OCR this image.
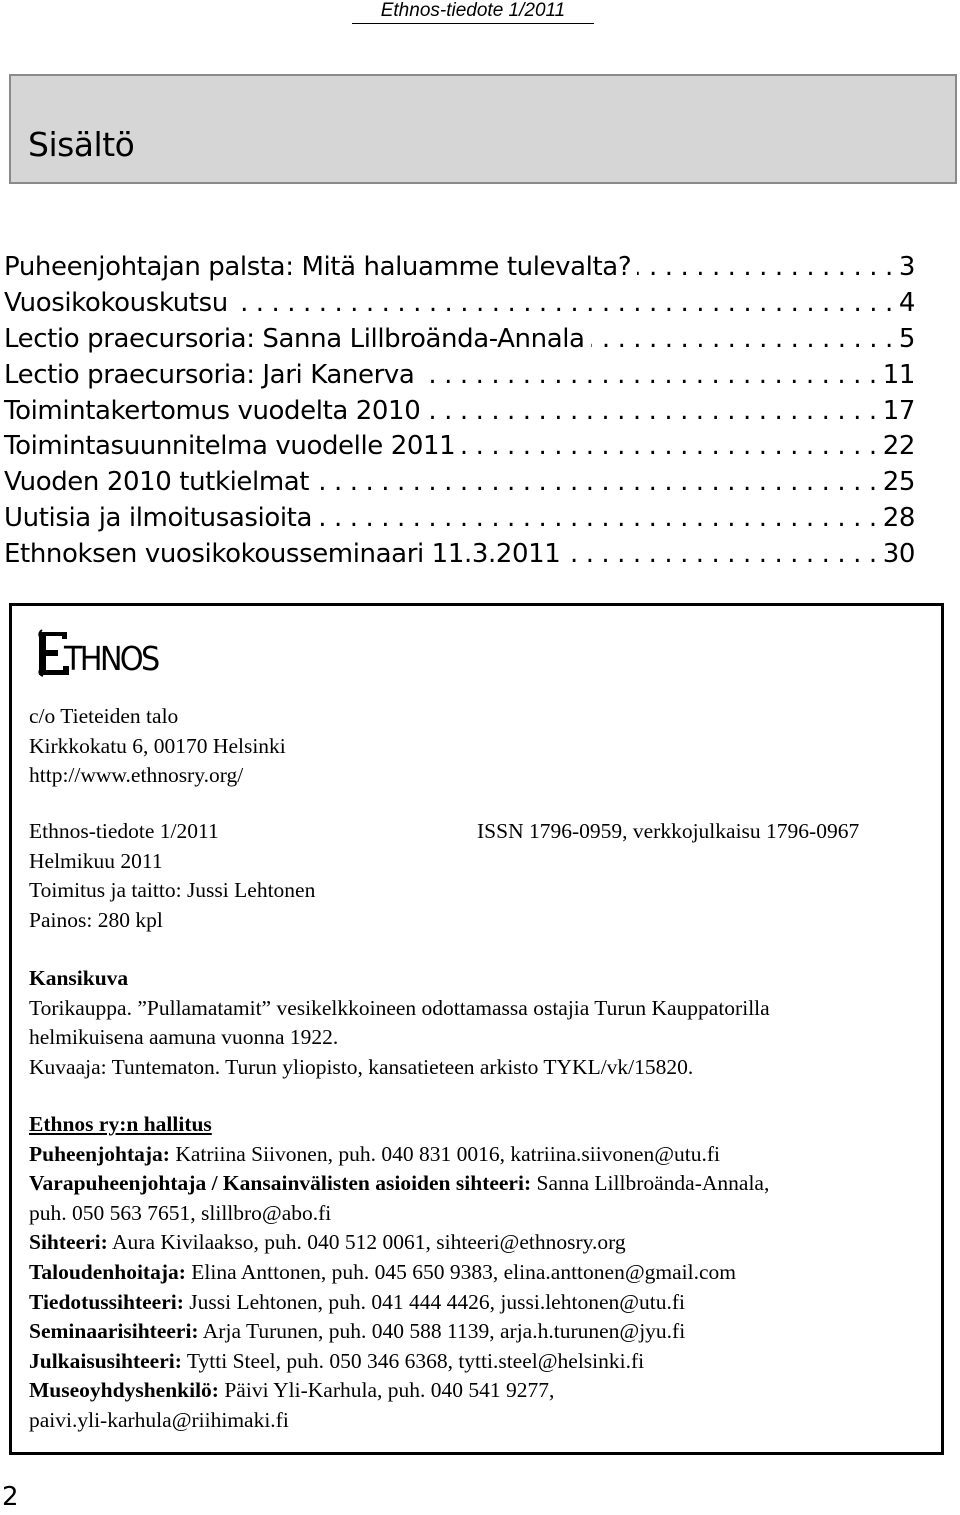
Ethnos-tiedote 1/2011
Sisältö
Puheenjohtajan palsta: Mitä haluamme tulevalta? . . .	3
Vuosikokouskutsu . . .	4
Lectio praecursoria: Sanna Lillbroända-Annala . . .	5
Lectio praecursoria: Jari Kanerva . . .	11
Toimintakertomus vuodelta 2010 . . .	17
Toimintasuunnitelma vuodelle 2011 . . .	22
Vuoden 2010 tutkielmat . . .	25
Uutisia ja ilmoitusasioita . . .	28
Ethnoksen vuosikokousseminaari 11.3.2011 . . .	30
THNOS

c/o Tieteiden talo

Kirkkokatu 6, 00170 Helsinki

http://www.ethnosry.org/

Ethnos-tiedote 1/2011

Helmikuu 2011

Toimitus ja taitto: Jussi Lehtonen

Painos: 280 kpl

ISSN 1796-0959, verkkojulkaisu 1796-0967

Kansikuva

Torikauppa. ”Pullamatamit” vesikelkkoineen odottamassa ostajia Turun Kauppatorilla

helmikuisena aamuna vuonna 1922.

Kuvaaja: Tuntematon. Turun yliopisto, kansatieteen arkisto TYKL/vk/15820.

Ethnos ry:n hallitus

Puheenjohtaja: Katriina Siivonen, puh. 040 831 0016, katriina.siivonen@utu.fi

Varapuheenjohtaja / Kansainvälisten asioiden sihteeri: Sanna Lillbroända-Annala,

puh. 050 563 7651, slillbro@abo.fi

Sihteeri: Aura Kivilaakso, puh. 040 512 0061, sihteeri@ethnosry.org

Taloudenhoitaja: Elina Anttonen, puh. 045 650 9383, elina.anttonen@gmail.com

Tiedotussihteeri: Jussi Lehtonen, puh. 041 444 4426, jussi.lehtonen@utu.fi

Seminaarisihteeri: Arja Turunen, puh. 040 588 1139, arja.h.turunen@jyu.fi

Julkaisusihteeri: Tytti Steel, puh. 050 346 6368, tytti.steel@helsinki.fi

Museoyhdyshenkilö: Päivi Yli-Karhula, puh. 040 541 9277,

paivi.yli-karhula@riihimaki.fi

2
